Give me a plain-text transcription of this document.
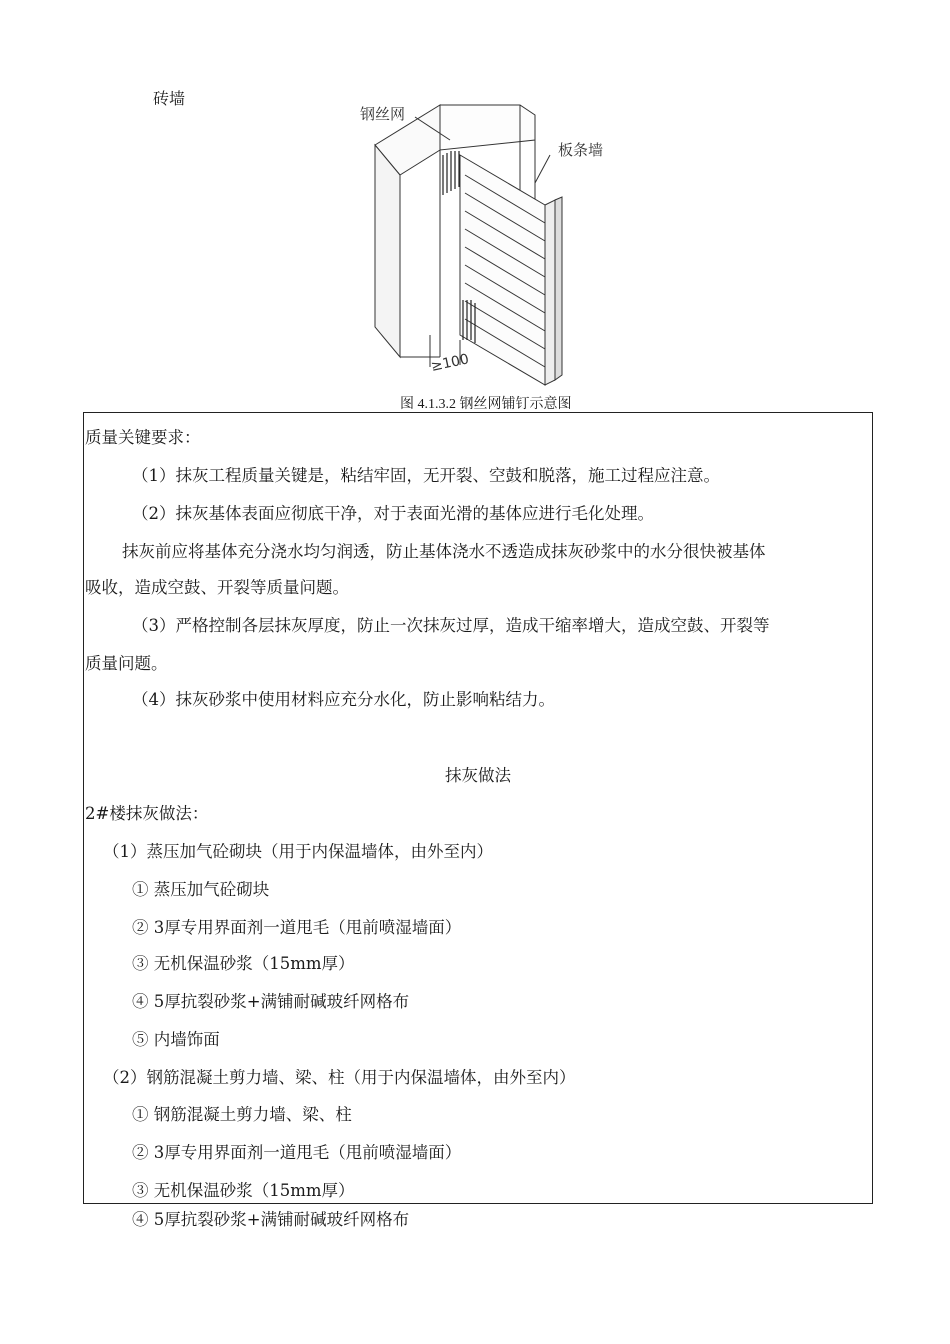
砖墙
钢丝网
板条墙
≥100
图 4.1.3.2 钢丝网铺钉示意图
质量关键要求：
（1）抹灰工程质量关键是，粘结牢固，无开裂、空鼓和脱落，施工过程应注意。
（2）抹灰基体表面应彻底干净，对于表面光滑的基体应进行毛化处理。
抹灰前应将基体充分浇水均匀润透，防止基体浇水不透造成抹灰砂浆中的水分很快被基体
吸收，造成空鼓、开裂等质量问题。
（3）严格控制各层抹灰厚度，防止一次抹灰过厚，造成干缩率增大，造成空鼓、开裂等
质量问题。
（4）抹灰砂浆中使用材料应充分水化，防止影响粘结力。
抹灰做法
2#楼抹灰做法：
（1）蒸压加气砼砌块（用于内保温墙体，由外至内）
① 蒸压加气砼砌块
② 3厚专用界面剂一道甩毛（甩前喷湿墙面）
③ 无机保温砂浆（15mm厚）
④ 5厚抗裂砂浆+满铺耐碱玻纤网格布
⑤ 内墙饰面
（2）钢筋混凝土剪力墙、梁、柱（用于内保温墙体，由外至内）
① 钢筋混凝土剪力墙、梁、柱
② 3厚专用界面剂一道甩毛（甩前喷湿墙面）
③ 无机保温砂浆（15mm厚）
④ 5厚抗裂砂浆+满铺耐碱玻纤网格布
